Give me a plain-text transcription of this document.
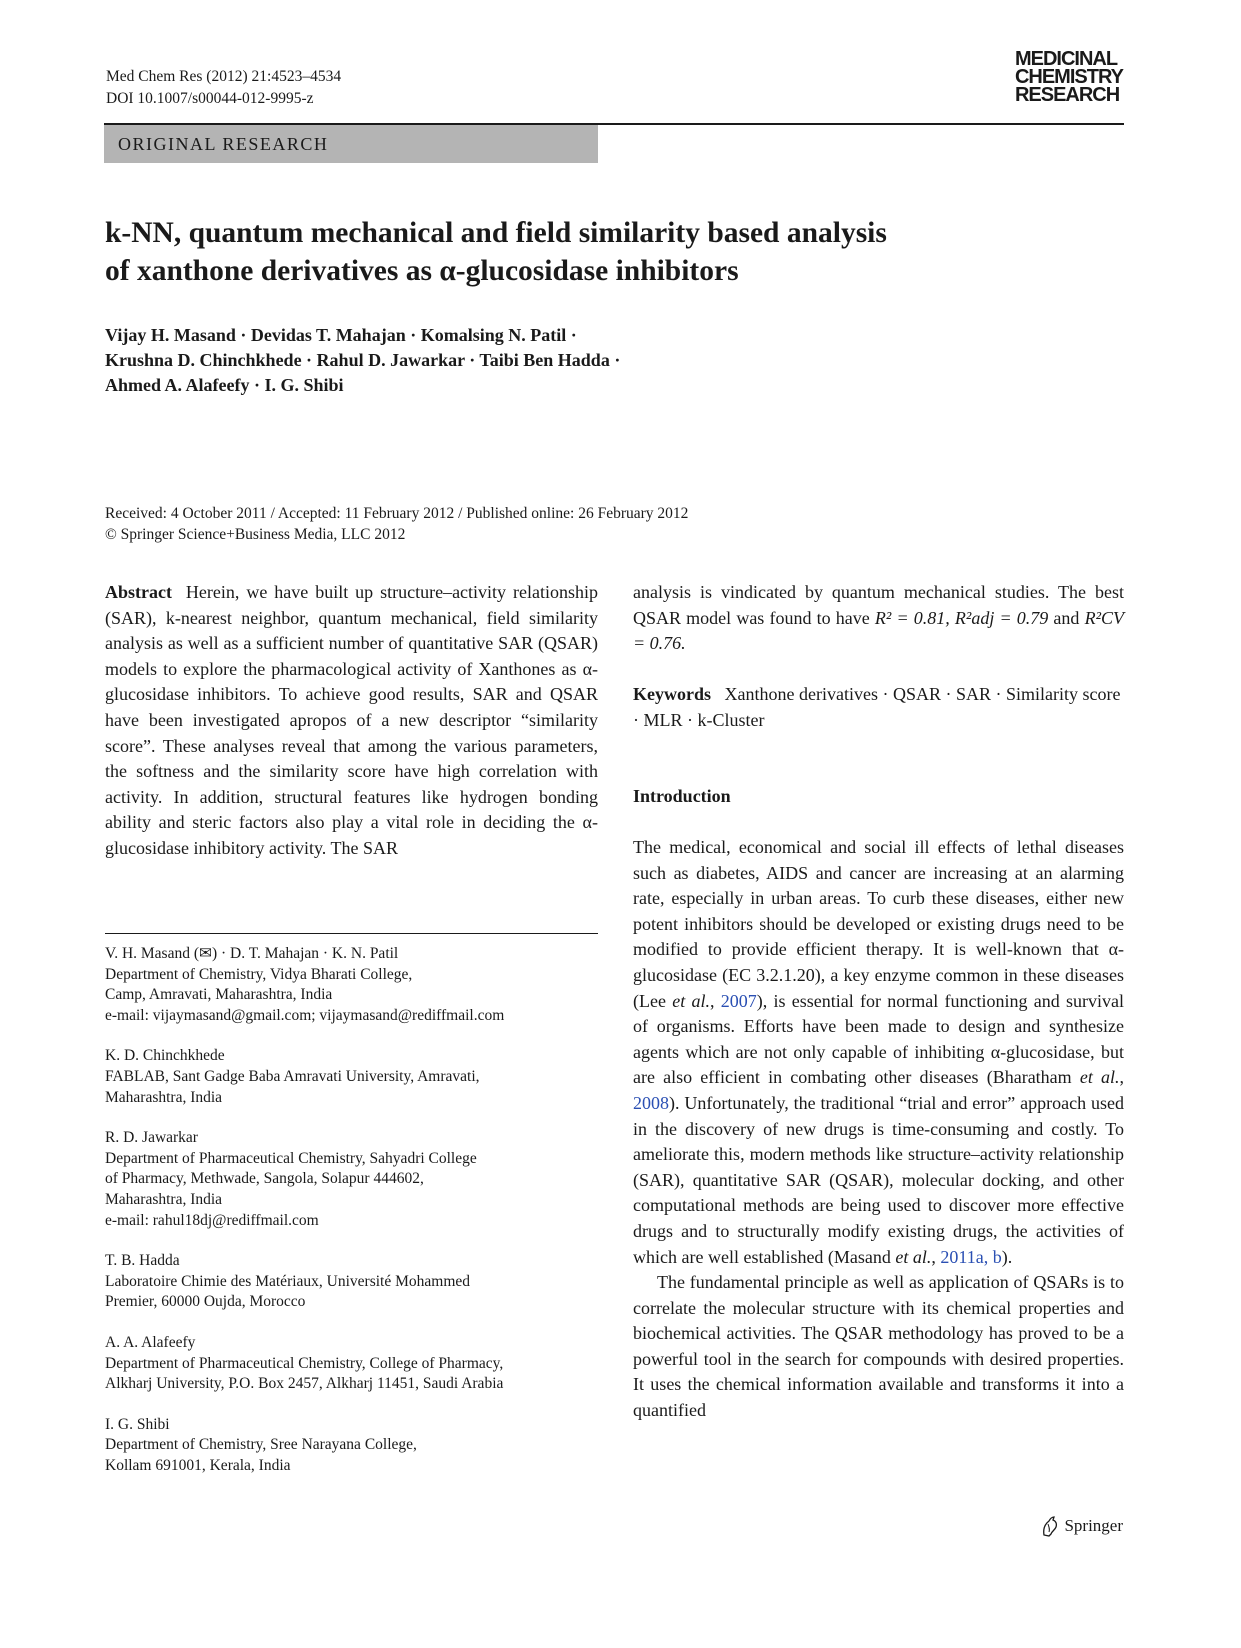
Med Chem Res (2012) 21:4523–4534
DOI 10.1007/s00044-012-9995-z
MEDICINAL
CHEMISTRY
RESEARCH
ORIGINAL RESEARCH
k-NN, quantum mechanical and field similarity based analysis
of xanthone derivatives as α-glucosidase inhibitors
Vijay H. Masand · Devidas T. Mahajan · Komalsing N. Patil ·
Krushna D. Chinchkhede · Rahul D. Jawarkar · Taibi Ben Hadda ·
Ahmed A. Alafeefy · I. G. Shibi
Received: 4 October 2011 / Accepted: 11 February 2012 / Published online: 26 February 2012
© Springer Science+Business Media, LLC 2012
Abstract Herein, we have built up structure–activity relationship (SAR), k-nearest neighbor, quantum mechanical, field similarity analysis as well as a sufficient number of quantitative SAR (QSAR) models to explore the pharmacological activity of Xanthones as α-glucosidase inhibitors. To achieve good results, SAR and QSAR have been investigated apropos of a new descriptor “similarity score”. These analyses reveal that among the various parameters, the softness and the similarity score have high correlation with activity. In addition, structural features like hydrogen bonding ability and steric factors also play a vital role in deciding the α-glucosidase inhibitory activity. The SAR
analysis is vindicated by quantum mechanical studies. The best QSAR model was found to have R² = 0.81, R²adj = 0.79 and R²CV = 0.76.
Keywords Xanthone derivatives · QSAR · SAR · Similarity score · MLR · k-Cluster
Introduction

The medical, economical and social ill effects of lethal diseases such as diabetes, AIDS and cancer are increasing at an alarming rate, especially in urban areas. To curb these diseases, either new potent inhibitors should be developed or existing drugs need to be modified to provide efficient therapy. It is well-known that α-glucosidase (EC 3.2.1.20), a key enzyme common in these diseases (Lee et al., 2007), is essential for normal functioning and survival of organisms. Efforts have been made to design and synthesize agents which are not only capable of inhibiting α-glucosidase, but are also efficient in combating other diseases (Bharatham et al., 2008). Unfortunately, the traditional “trial and error” approach used in the discovery of new drugs is time-consuming and costly. To ameliorate this, modern methods like structure–activity relationship (SAR), quantitative SAR (QSAR), molecular docking, and other computational methods are being used to discover more effective drugs and to structurally modify existing drugs, the activities of which are well established (Masand et al., 2011a, b).

The fundamental principle as well as application of QSARs is to correlate the molecular structure with its chemical properties and biochemical activities. The QSAR methodology has proved to be a powerful tool in the search for compounds with desired properties. It uses the chemical information available and transforms it into a quantified

V. H. Masand (✉) · D. T. Mahajan · K. N. Patil
Department of Chemistry, Vidya Bharati College,
Camp, Amravati, Maharashtra, India
e-mail: vijaymasand@gmail.com; vijaymasand@rediffmail.com
K. D. Chinchkhede
FABLAB, Sant Gadge Baba Amravati University, Amravati,
Maharashtra, India
R. D. Jawarkar
Department of Pharmaceutical Chemistry, Sahyadri College
of Pharmacy, Methwade, Sangola, Solapur 444602,
Maharashtra, India
e-mail: rahul18dj@rediffmail.com
T. B. Hadda
Laboratoire Chimie des Matériaux, Université Mohammed
Premier, 60000 Oujda, Morocco
A. A. Alafeefy
Department of Pharmaceutical Chemistry, College of Pharmacy,
Alkharj University, P.O. Box 2457, Alkharj 11451, Saudi Arabia
I. G. Shibi
Department of Chemistry, Sree Narayana College,
Kollam 691001, Kerala, India
Springer
